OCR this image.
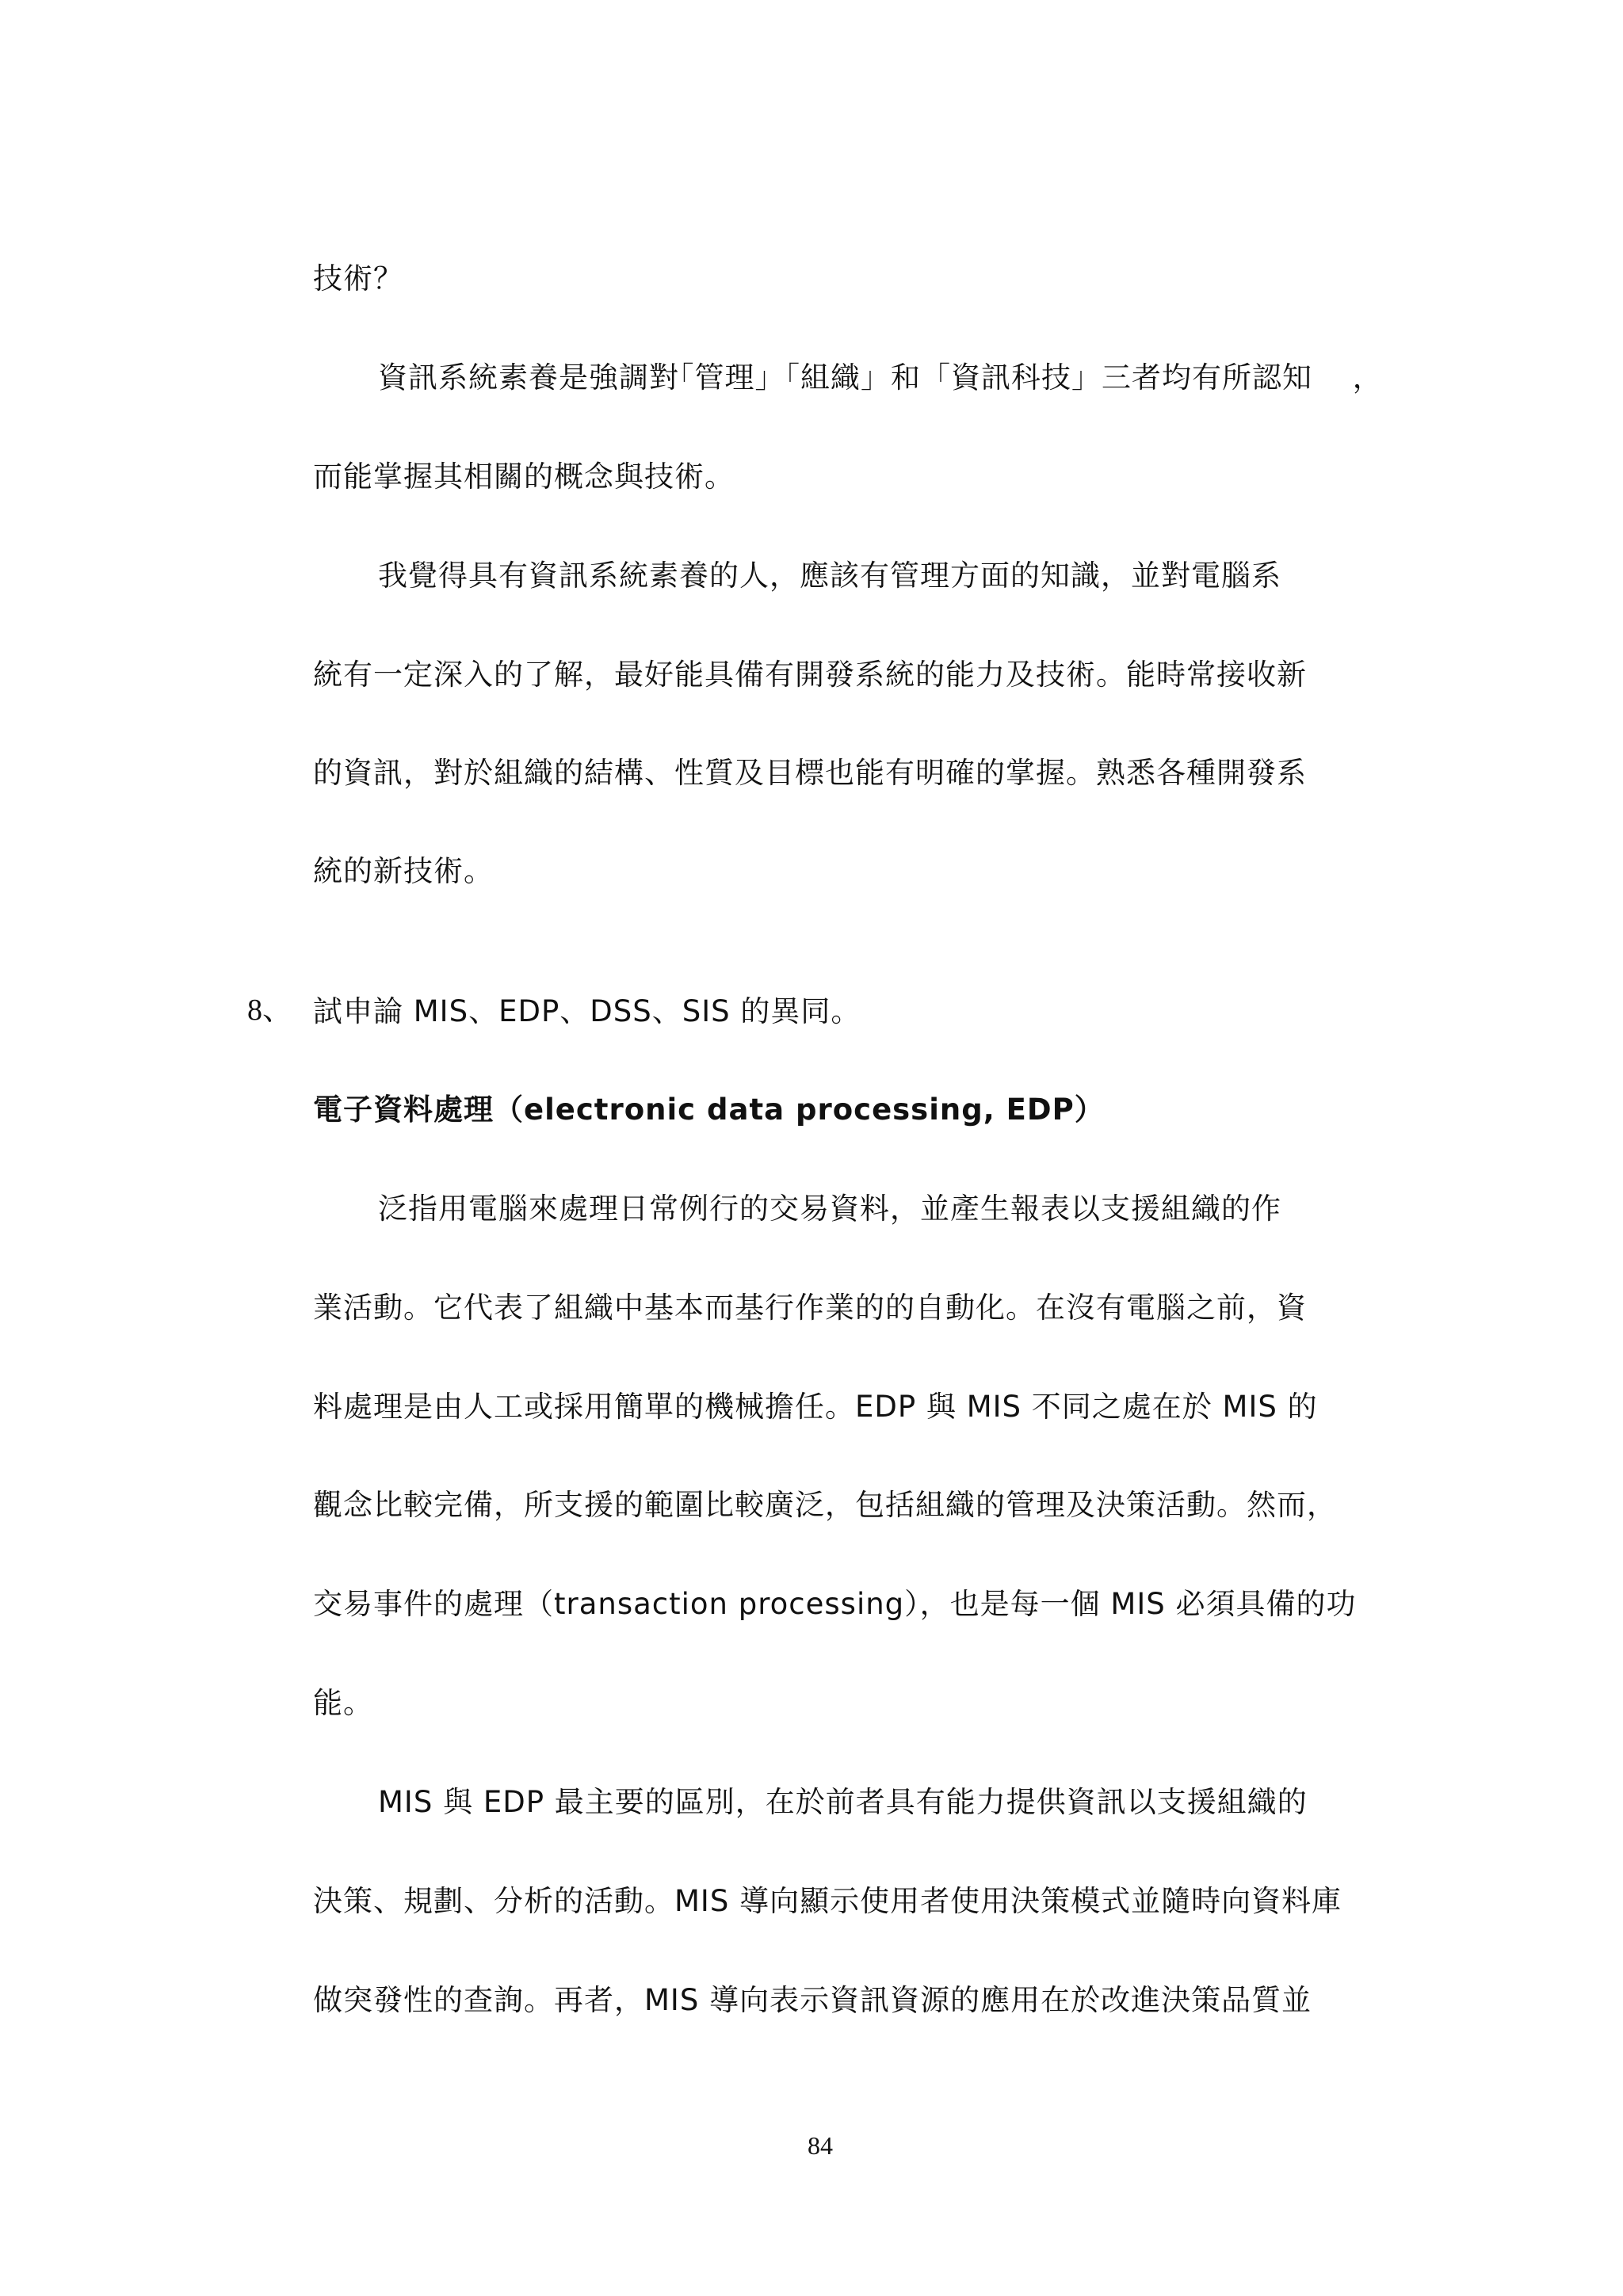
技術？
資訊系統素養是強調對｢管理｣「組織」和「資訊科技」三者均有所認知　 ，
而能掌握其相關的概念與技術。
我覺得具有資訊系統素養的人，應該有管理方面的知識，並對電腦系
統有一定深入的了解，最好能具備有開發系統的能力及技術。能時常接收新
的資訊，對於組織的結構、性質及目標也能有明確的掌握。熟悉各種開發系
統的新技術。
8、 試申論 MIS、EDP、DSS、SIS 的異同。
電子資料處理（electronic data processing, EDP）
泛指用電腦來處理日常例行的交易資料，並產生報表以支援組織的作
業活動。它代表了組織中基本而基行作業的的自動化。在沒有電腦之前，資
料處理是由人工或採用簡單的機械擔任。EDP 與 MIS 不同之處在於 MIS 的
觀念比較完備，所支援的範圍比較廣泛，包括組織的管理及決策活動。然而，
交易事件的處理（transaction processing），也是每一個 MIS 必須具備的功
能。
MIS 與 EDP 最主要的區別，在於前者具有能力提供資訊以支援組織的
決策、規劃、分析的活動。MIS 導向顯示使用者使用決策模式並隨時向資料庫
做突發性的查詢。再者，MIS 導向表示資訊資源的應用在於改進決策品質並
84
